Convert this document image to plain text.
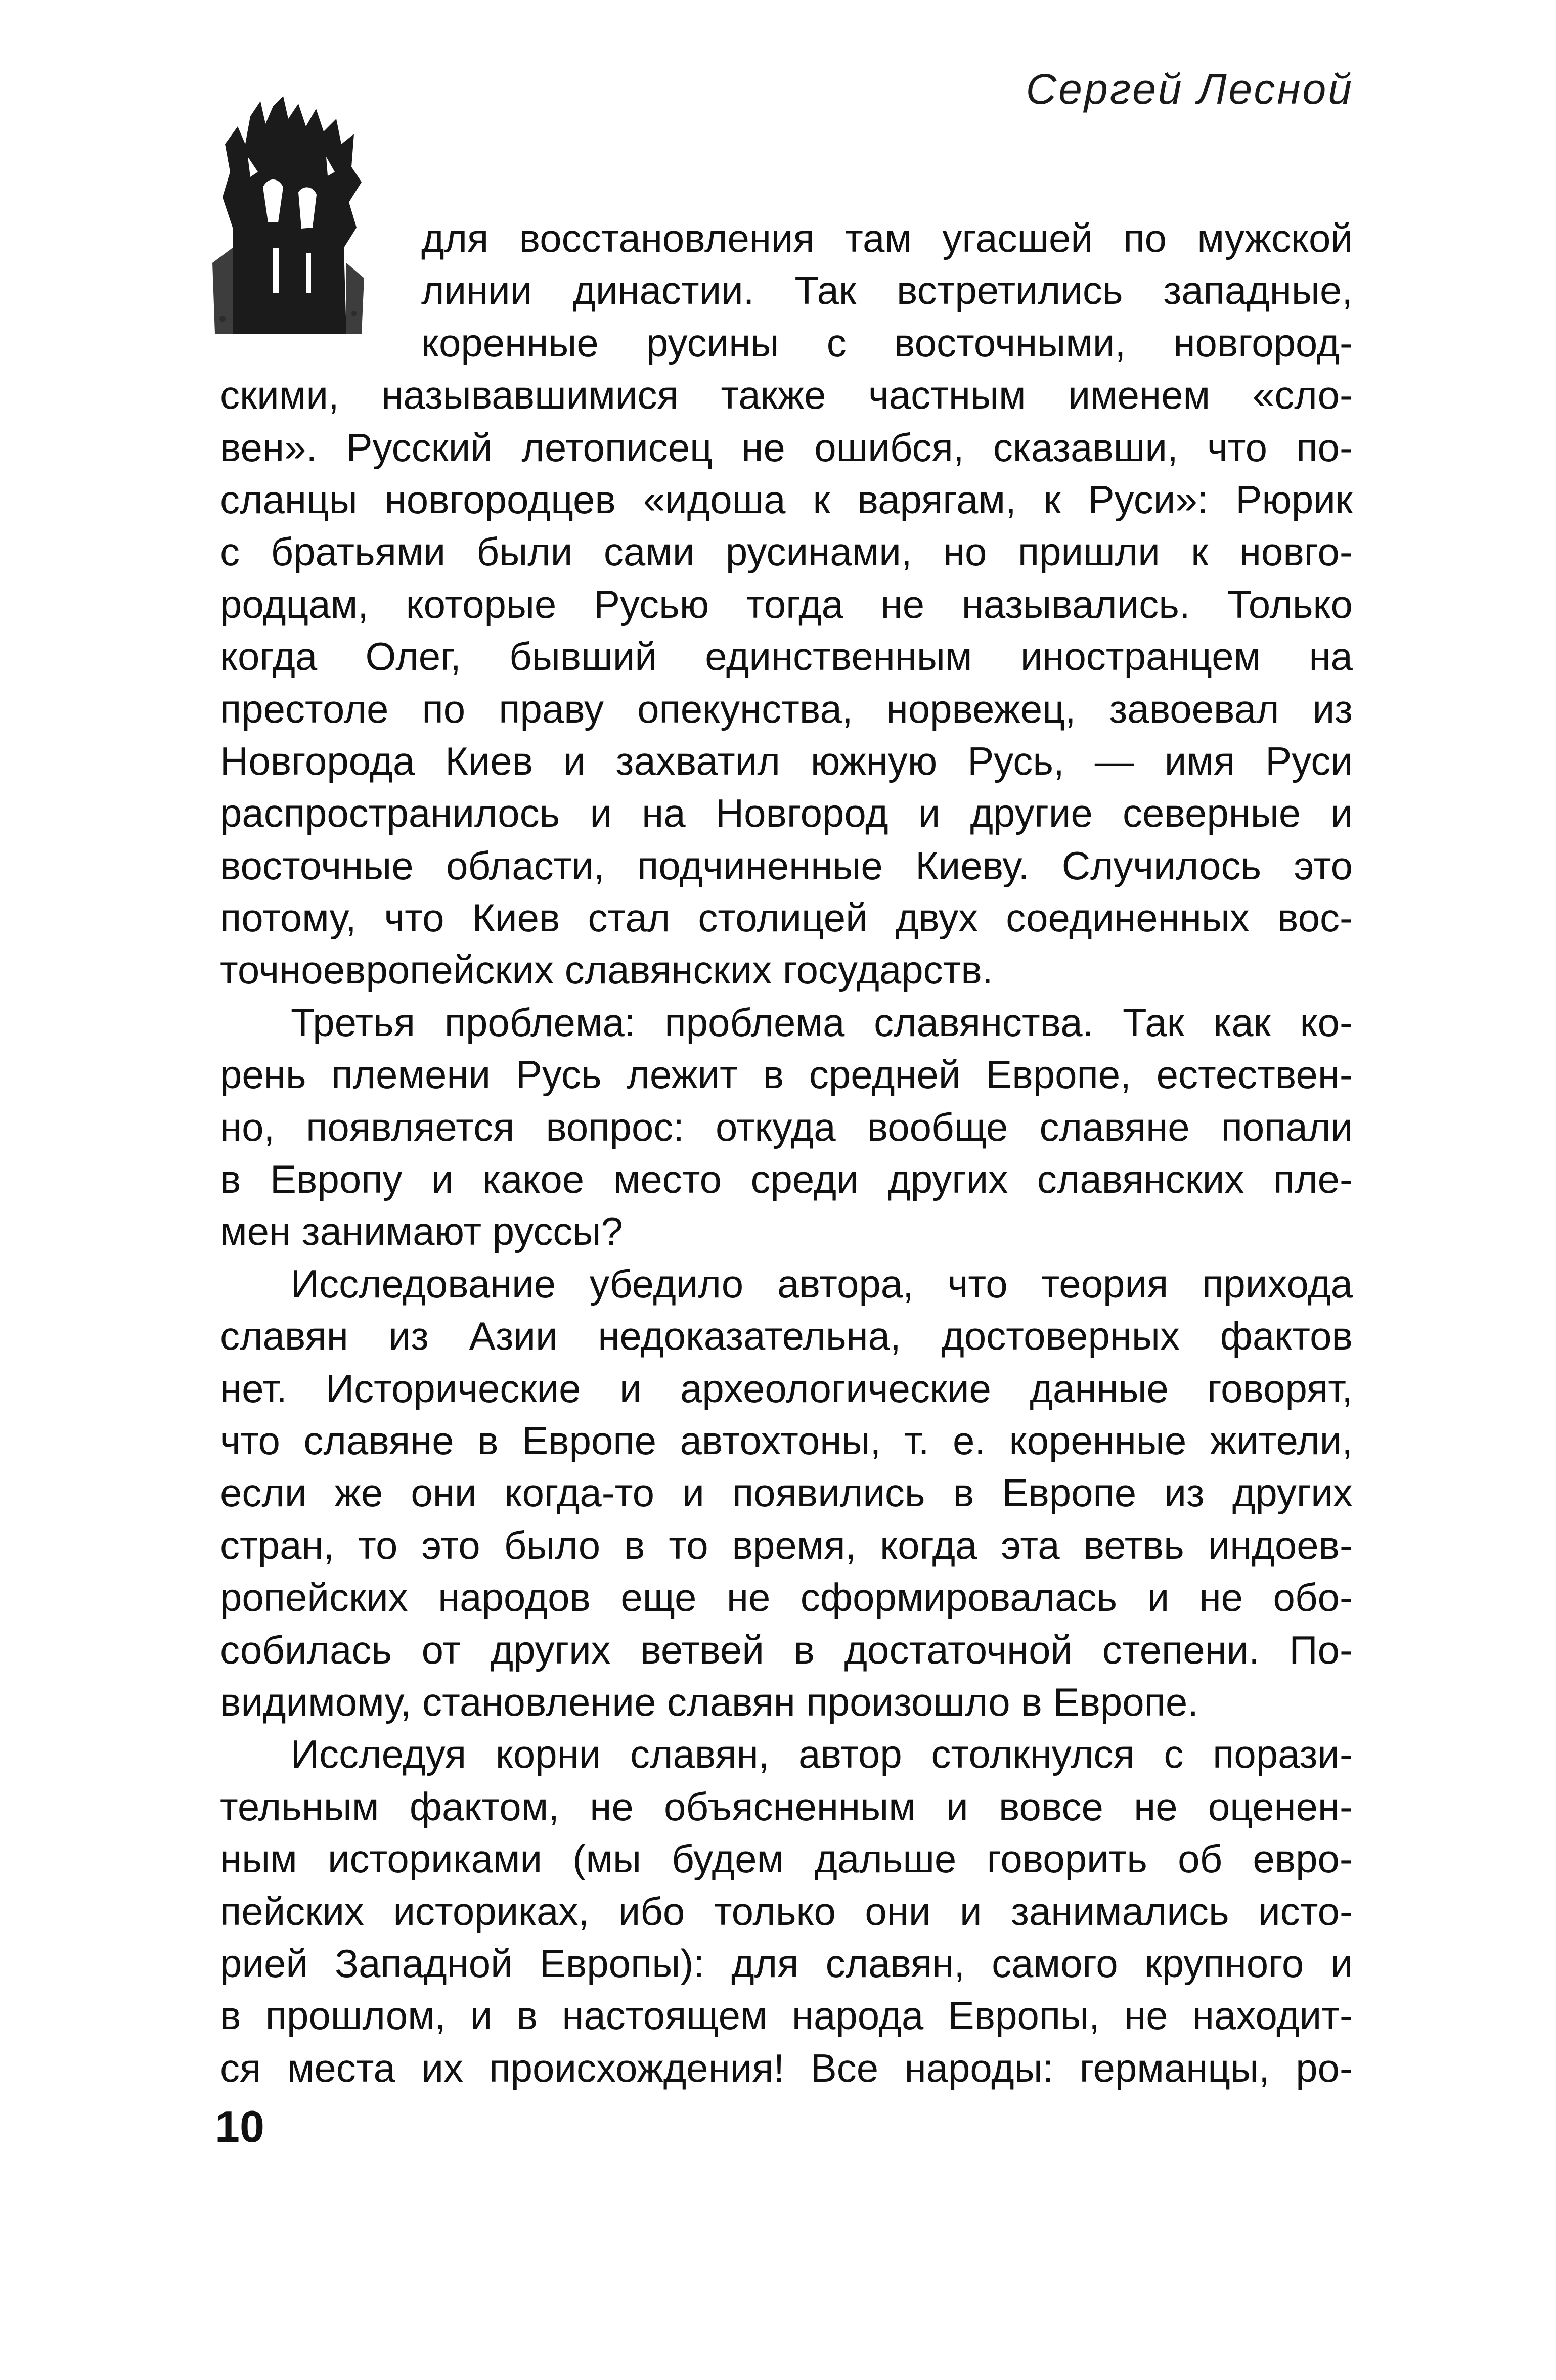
Сергей Лесной
для восстановления там угасшей по мужской
линии династии. Так встретились западные,
коренные русины с восточными, новгород-
скими, называвшимися также частным именем «сло-
вен». Русский летописец не ошибся, сказавши, что по-
сланцы новгородцев «идоша к варягам, к Руси»: Рюрик
с братьями были сами русинами, но пришли к новго-
родцам, которые Русью тогда не назывались. Только
когда Олег, бывший единственным иностранцем на
престоле по праву опекунства, норвежец, завоевал из
Новгорода Киев и захватил южную Русь, — имя Руси
распространилось и на Новгород и другие северные и
восточные области, подчиненные Киеву. Случилось это
потому, что Киев стал столицей двух соединенных вос-
точноевропейских славянских государств.
Третья проблема: проблема славянства. Так как ко-
рень племени Русь лежит в средней Европе, естествен-
но, появляется вопрос: откуда вообще славяне попали
в Европу и какое место среди других славянских пле-
мен занимают руссы?
Исследование убедило автора, что теория прихода
славян из Азии недоказательна, достоверных фактов
нет. Исторические и археологические данные говорят,
что славяне в Европе автохтоны, т. е. коренные жители,
если же они когда-то и появились в Европе из других
стран, то это было в то время, когда эта ветвь индоев-
ропейских народов еще не сформировалась и не обо-
собилась от других ветвей в достаточной степени. По-
видимому, становление славян произошло в Европе.
Исследуя корни славян, автор столкнулся с порази-
тельным фактом, не объясненным и вовсе не оценен-
ным историками (мы будем дальше говорить об евро-
пейских историках, ибо только они и занимались исто-
рией Западной Европы): для славян, самого крупного и
в прошлом, и в настоящем народа Европы, не находит-
ся места их происхождения! Все народы: германцы, ро-
10
